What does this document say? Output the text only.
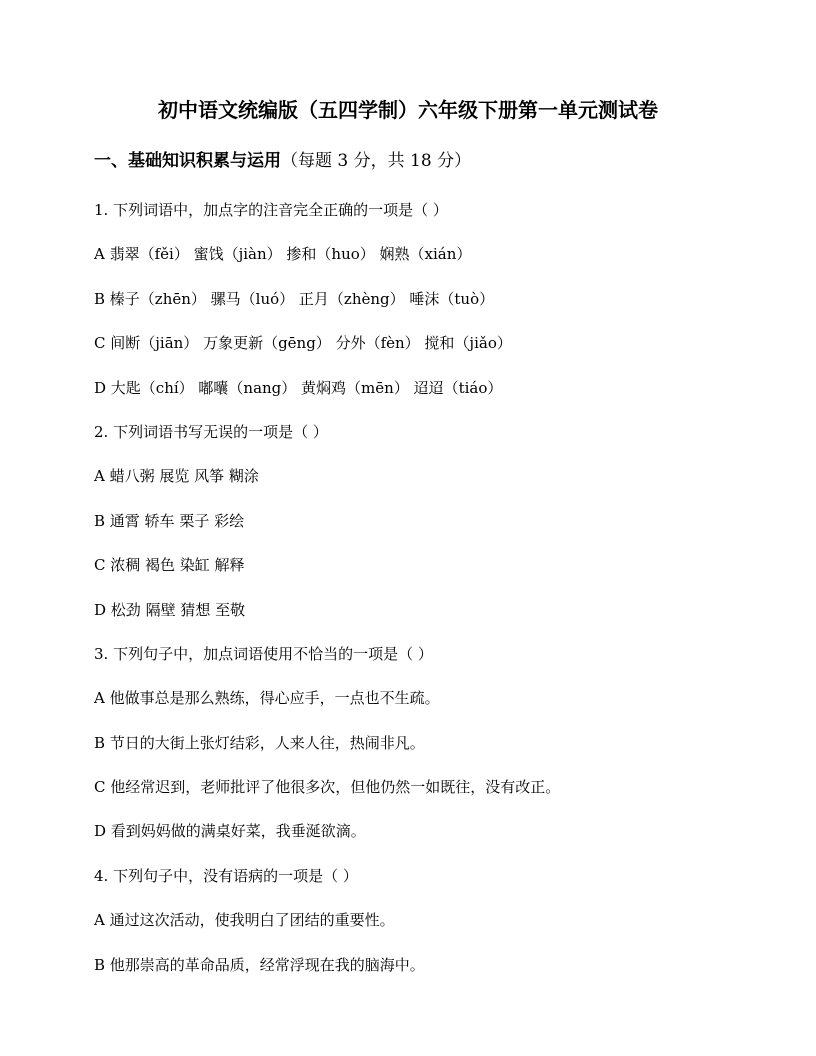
初中语文统编版（五四学制）六年级下册第一单元测试卷
一、基础知识积累与运用（每题 3 分，共 18 分）
1. 下列词语中，加点字的注音完全正确的一项是（ ）
A 翡翠（fěi） 蜜饯（jiàn） 掺和（huo） 娴熟（xián）
B 榛子（zhēn） 骡马（luó） 正月（zhèng） 唾沫（tuò）
C 间断（jiān） 万象更新（gēng） 分外（fèn） 搅和（jiǎo）
D 大匙（chí） 嘟囔（nang） 黄焖鸡（mēn） 迢迢（tiáo）
2. 下列词语书写无误的一项是（ ）
A 蜡八粥 展览 风筝 糊涂
B 通霄 轿车 栗子 彩绘
C 浓稠 褐色 染缸 解释
D 松劲 隔壁 猜想 至敬
3. 下列句子中，加点词语使用不恰当的一项是（ ）
A 他做事总是那么熟练，得心应手，一点也不生疏。
B 节日的大街上张灯结彩，人来人往，热闹非凡。
C 他经常迟到，老师批评了他很多次，但他仍然一如既往，没有改正。
D 看到妈妈做的满桌好菜，我垂涎欲滴。
4. 下列句子中，没有语病的一项是（ ）
A 通过这次活动，使我明白了团结的重要性。
B 他那崇高的革命品质，经常浮现在我的脑海中。
